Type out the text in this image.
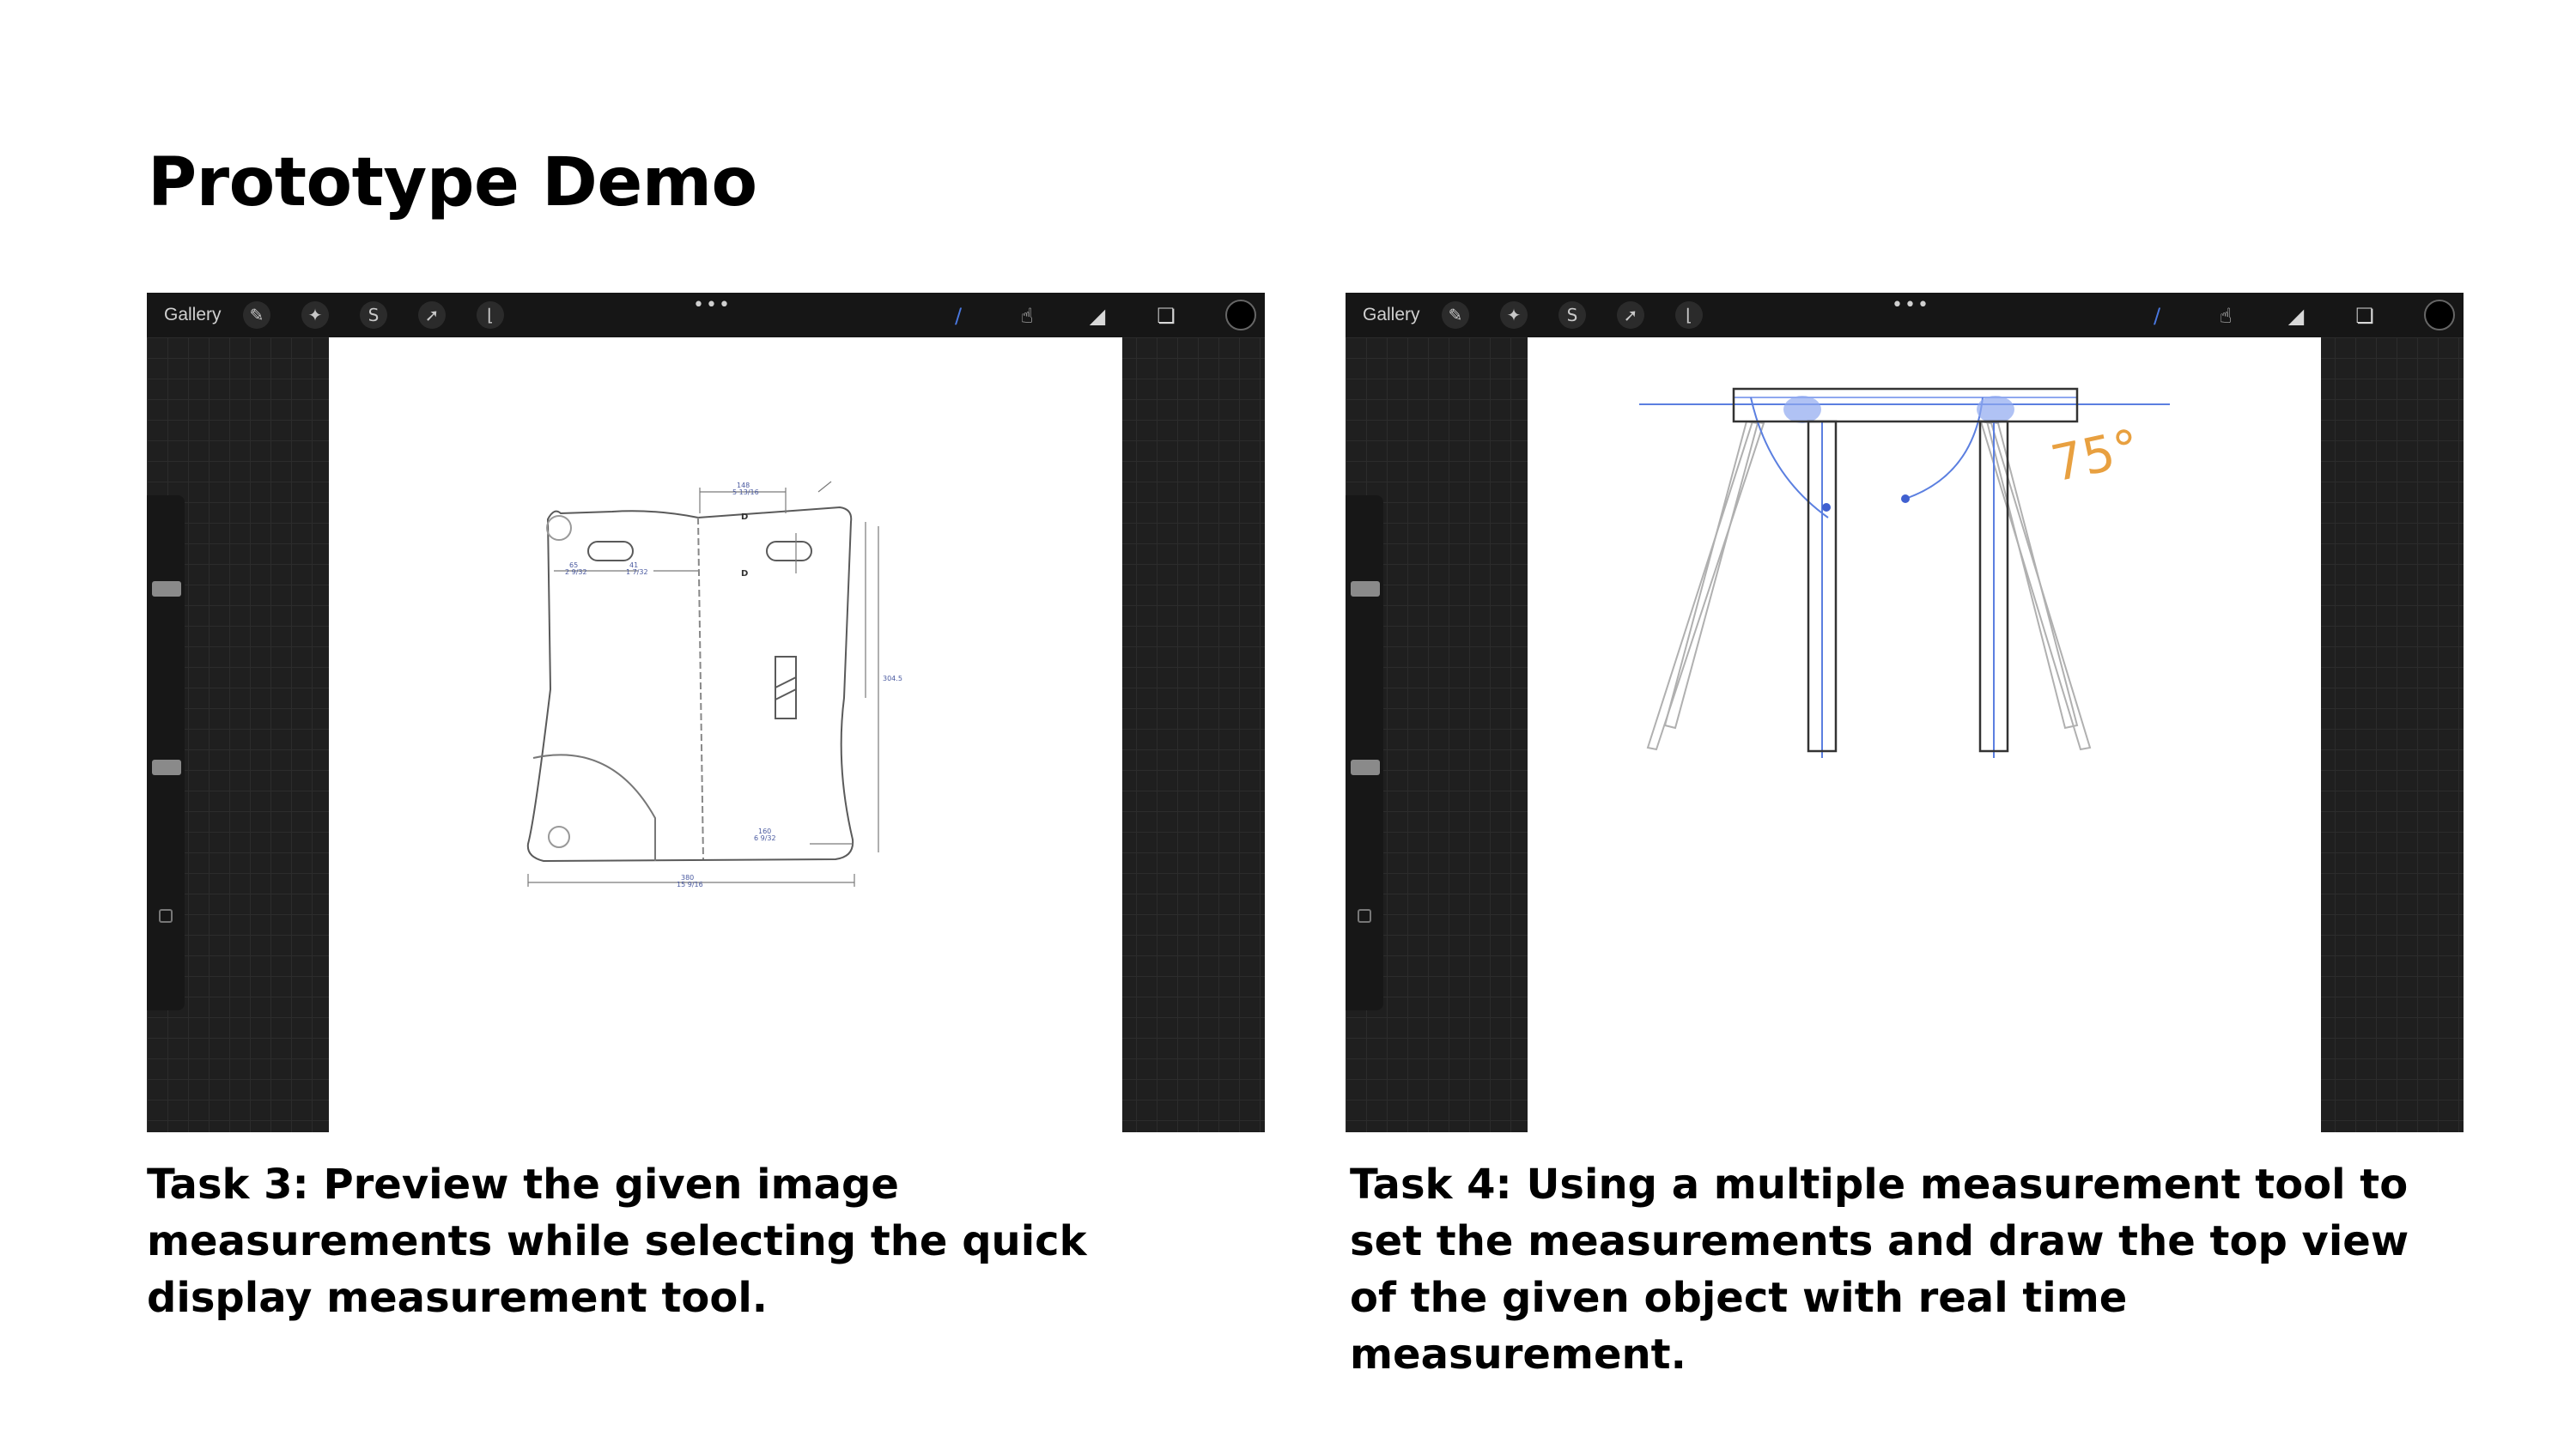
Prototype Demo
Gallery	✎	✦	S	➚	⌊	•••	/	☝	◢	❏
148
5 13/16
380
15 9/16
65
2 9/32
41
1 7/32
160
6 9/32
304.5
D
D
Gallery	✎	✦	S	➚	⌊	•••	/	☝	◢	❏
75°

Task 3: Preview the given image measurements while selecting the quick display measurement tool.

Task 4: Using a multiple measurement tool to set the measurements and draw the top view of the given object with real time measurement.
